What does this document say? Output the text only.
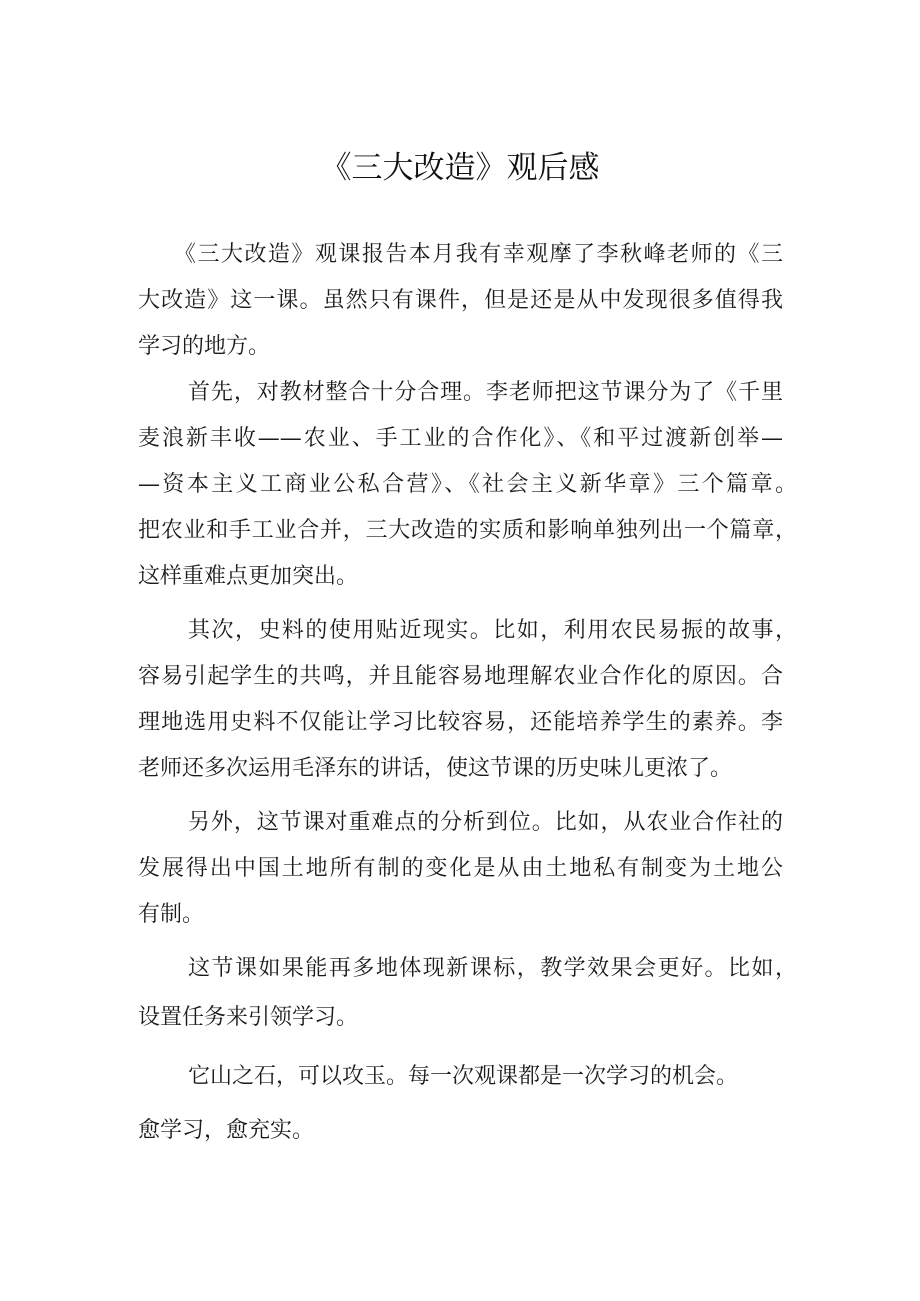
《三大改造》观后感
《三大改造》观课报告本月我有幸观摩了李秋峰老师的《三
大改造》这一课。虽然只有课件，但是还是从中发现很多值得我
学习的地方。
首先，对教材整合十分合理。李老师把这节课分为了《千里
麦浪新丰收——农业、手工业的合作化》、《和平过渡新创举—
—资本主义工商业公私合营》、《社会主义新华章》三个篇章。
把农业和手工业合并，三大改造的实质和影响单独列出一个篇章，
这样重难点更加突出。
其次，史料的使用贴近现实。比如，利用农民易振的故事，
容易引起学生的共鸣，并且能容易地理解农业合作化的原因。合
理地选用史料不仅能让学习比较容易，还能培养学生的素养。李
老师还多次运用毛泽东的讲话，使这节课的历史味儿更浓了。
另外，这节课对重难点的分析到位。比如，从农业合作社的
发展得出中国土地所有制的变化是从由土地私有制变为土地公
有制。
这节课如果能再多地体现新课标，教学效果会更好。比如，
设置任务来引领学习。
它山之石，可以攻玉。每一次观课都是一次学习的机会。
愈学习，愈充实。
